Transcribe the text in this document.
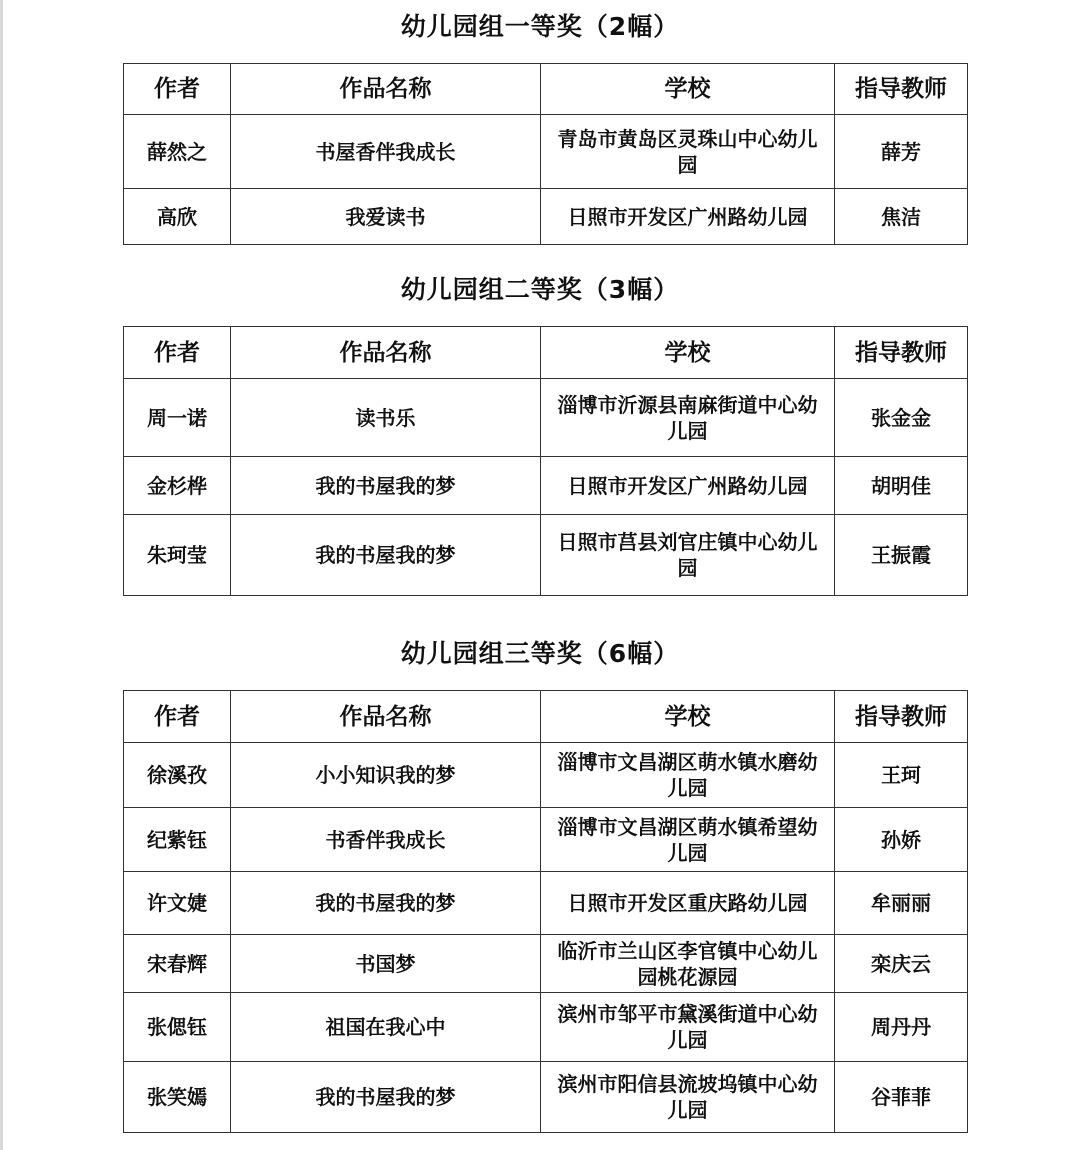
幼儿园组一等奖（2幅）
作者	作品名称	学校	指导教师
薛然之	书屋香伴我成长	青岛市黄岛区灵珠山中心幼儿园	薛芳
高欣	我爱读书	日照市开发区广州路幼儿园	焦洁
幼儿园组二等奖（3幅）
作者	作品名称	学校	指导教师
周一诺	读书乐	淄博市沂源县南麻街道中心幼儿园	张金金
金杉桦	我的书屋我的梦	日照市开发区广州路幼儿园	胡明佳
朱珂莹	我的书屋我的梦	日照市莒县刘官庄镇中心幼儿园	王振霞
幼儿园组三等奖（6幅）
作者	作品名称	学校	指导教师
徐溪孜	小小知识我的梦	淄博市文昌湖区萌水镇水磨幼儿园	王珂
纪紫钰	书香伴我成长	淄博市文昌湖区萌水镇希望幼儿园	孙娇
许文婕	我的书屋我的梦	日照市开发区重庆路幼儿园	牟丽丽
宋春辉	书国梦	临沂市兰山区李官镇中心幼儿园桃花源园	栾庆云
张偲钰	祖国在我心中	滨州市邹平市黛溪街道中心幼儿园	周丹丹
张笑嫣	我的书屋我的梦	滨州市阳信县流坡坞镇中心幼儿园	谷菲菲
